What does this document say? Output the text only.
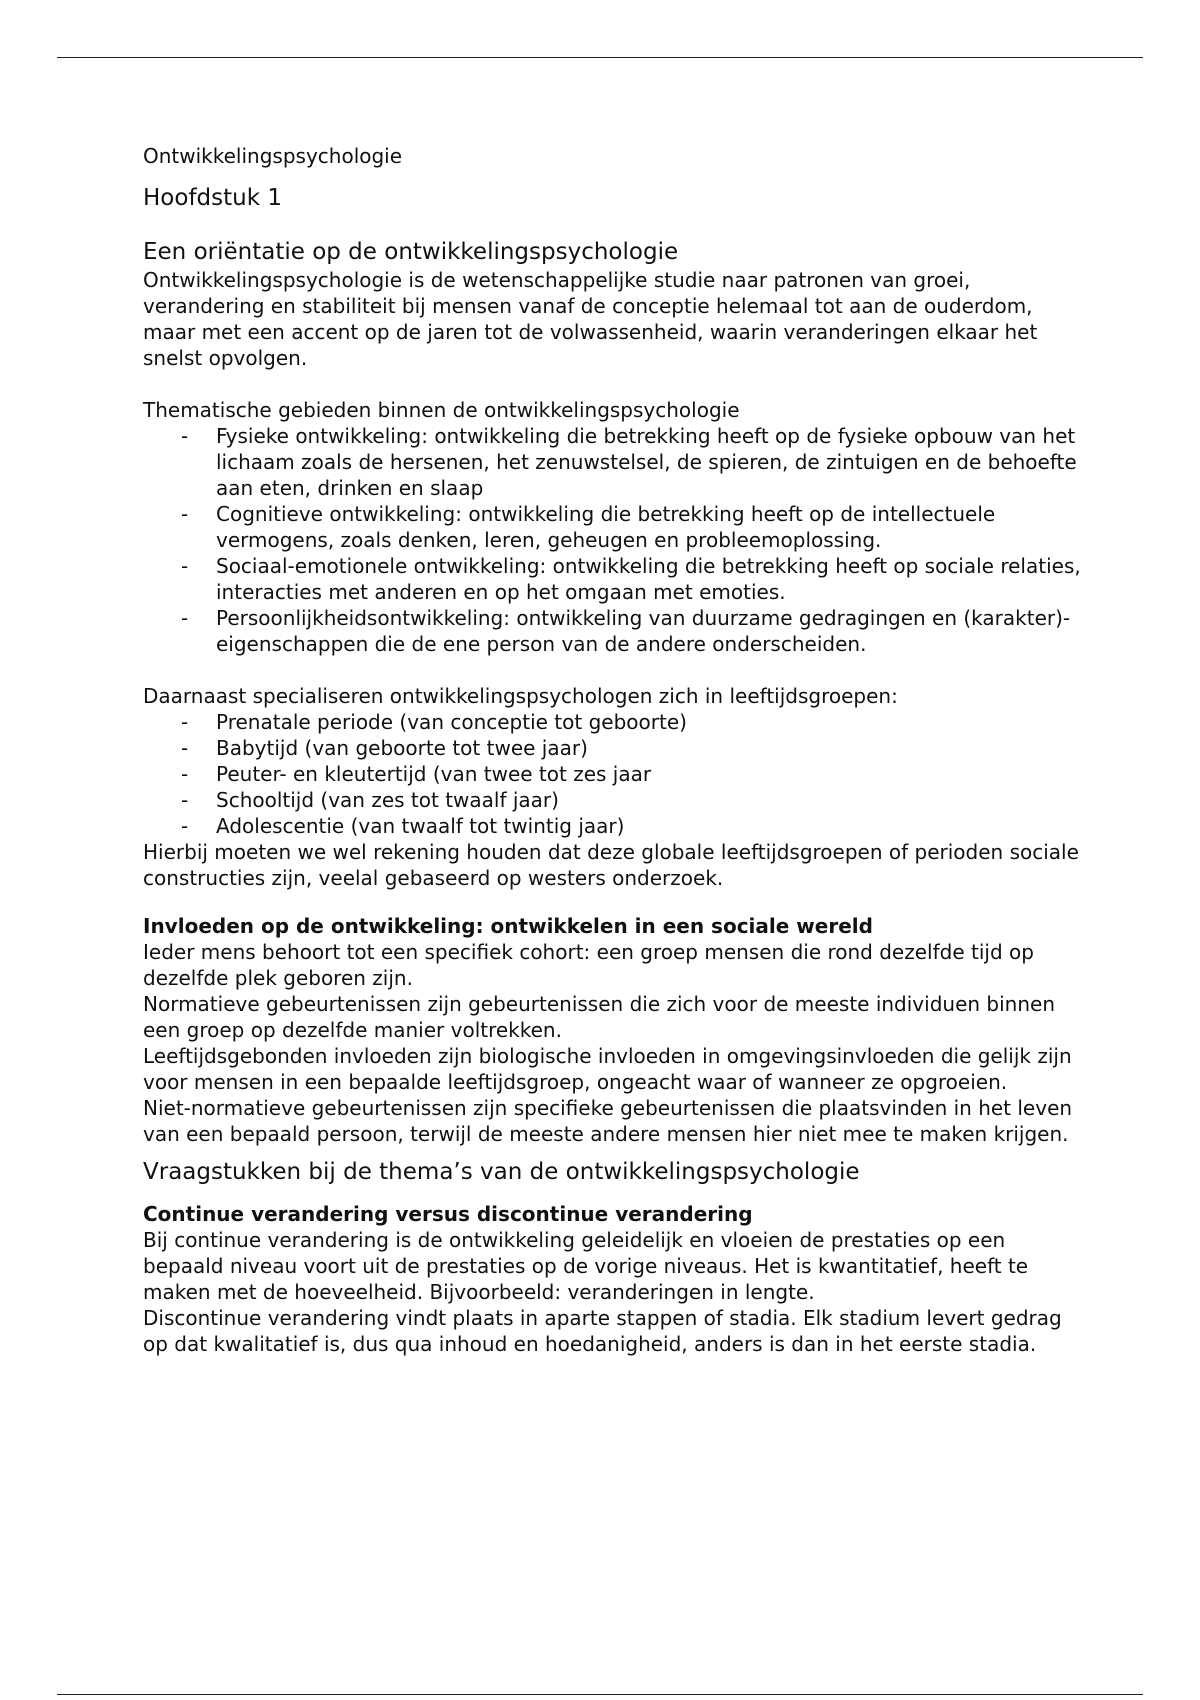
Ontwikkelingspsychologie
Hoofdstuk 1
Een oriëntatie op de ontwikkelingspsychologie

Ontwikkelingspsychologie is de wetenschappelijke studie naar patronen van groei, verandering en stabiliteit bij mensen vanaf de conceptie helemaal tot aan de ouderdom, maar met een accent op de jaren tot de volwassenheid, waarin veranderingen elkaar het snelst opvolgen.

Thematische gebieden binnen de ontwikkelingspsychologie

- Fysieke ontwikkeling: ontwikkeling die betrekking heeft op de fysieke opbouw van het lichaam zoals de hersenen, het zenuwstelsel, de spieren, de zintuigen en de behoefte aan eten, drinken en slaap
- Cognitieve ontwikkeling: ontwikkeling die betrekking heeft op de intellectuele vermogens, zoals denken, leren, geheugen en probleemoplossing.
- Sociaal-emotionele ontwikkeling: ontwikkeling die betrekking heeft op sociale relaties, interacties met anderen en op het omgaan met emoties.
- Persoonlijkheidsontwikkeling: ontwikkeling van duurzame gedragingen en (karakter)-eigenschappen die de ene person van de andere onderscheiden.

Daarnaast specialiseren ontwikkelingspsychologen zich in leeftijdsgroepen:

- Prenatale periode (van conceptie tot geboorte)
- Babytijd (van geboorte tot twee jaar)
- Peuter- en kleutertijd (van twee tot zes jaar
- Schooltijd (van zes tot twaalf jaar)
- Adolescentie (van twaalf tot twintig jaar)

Hierbij moeten we wel rekening houden dat deze globale leeftijdsgroepen of perioden sociale constructies zijn, veelal gebaseerd op westers onderzoek.

Invloeden op de ontwikkeling: ontwikkelen in een sociale wereld

Ieder mens behoort tot een specifiek cohort: een groep mensen die rond dezelfde tijd op dezelfde plek geboren zijn.

Normatieve gebeurtenissen zijn gebeurtenissen die zich voor de meeste individuen binnen een groep op dezelfde manier voltrekken.

Leeftijdsgebonden invloeden zijn biologische invloeden in omgevingsinvloeden die gelijk zijn voor mensen in een bepaalde leeftijdsgroep, ongeacht waar of wanneer ze opgroeien.

Niet-normatieve gebeurtenissen zijn specifieke gebeurtenissen die plaatsvinden in het leven van een bepaald persoon, terwijl de meeste andere mensen hier niet mee te maken krijgen.

Vraagstukken bij de thema’s van de ontwikkelingspsychologie
Continue verandering versus discontinue verandering

Bij continue verandering is de ontwikkeling geleidelijk en vloeien de prestaties op een bepaald niveau voort uit de prestaties op de vorige niveaus. Het is kwantitatief, heeft te maken met de hoeveelheid. Bijvoorbeeld: veranderingen in lengte.

Discontinue verandering vindt plaats in aparte stappen of stadia. Elk stadium levert gedrag op dat kwalitatief is, dus qua inhoud en hoedanigheid, anders is dan in het eerste stadia.
